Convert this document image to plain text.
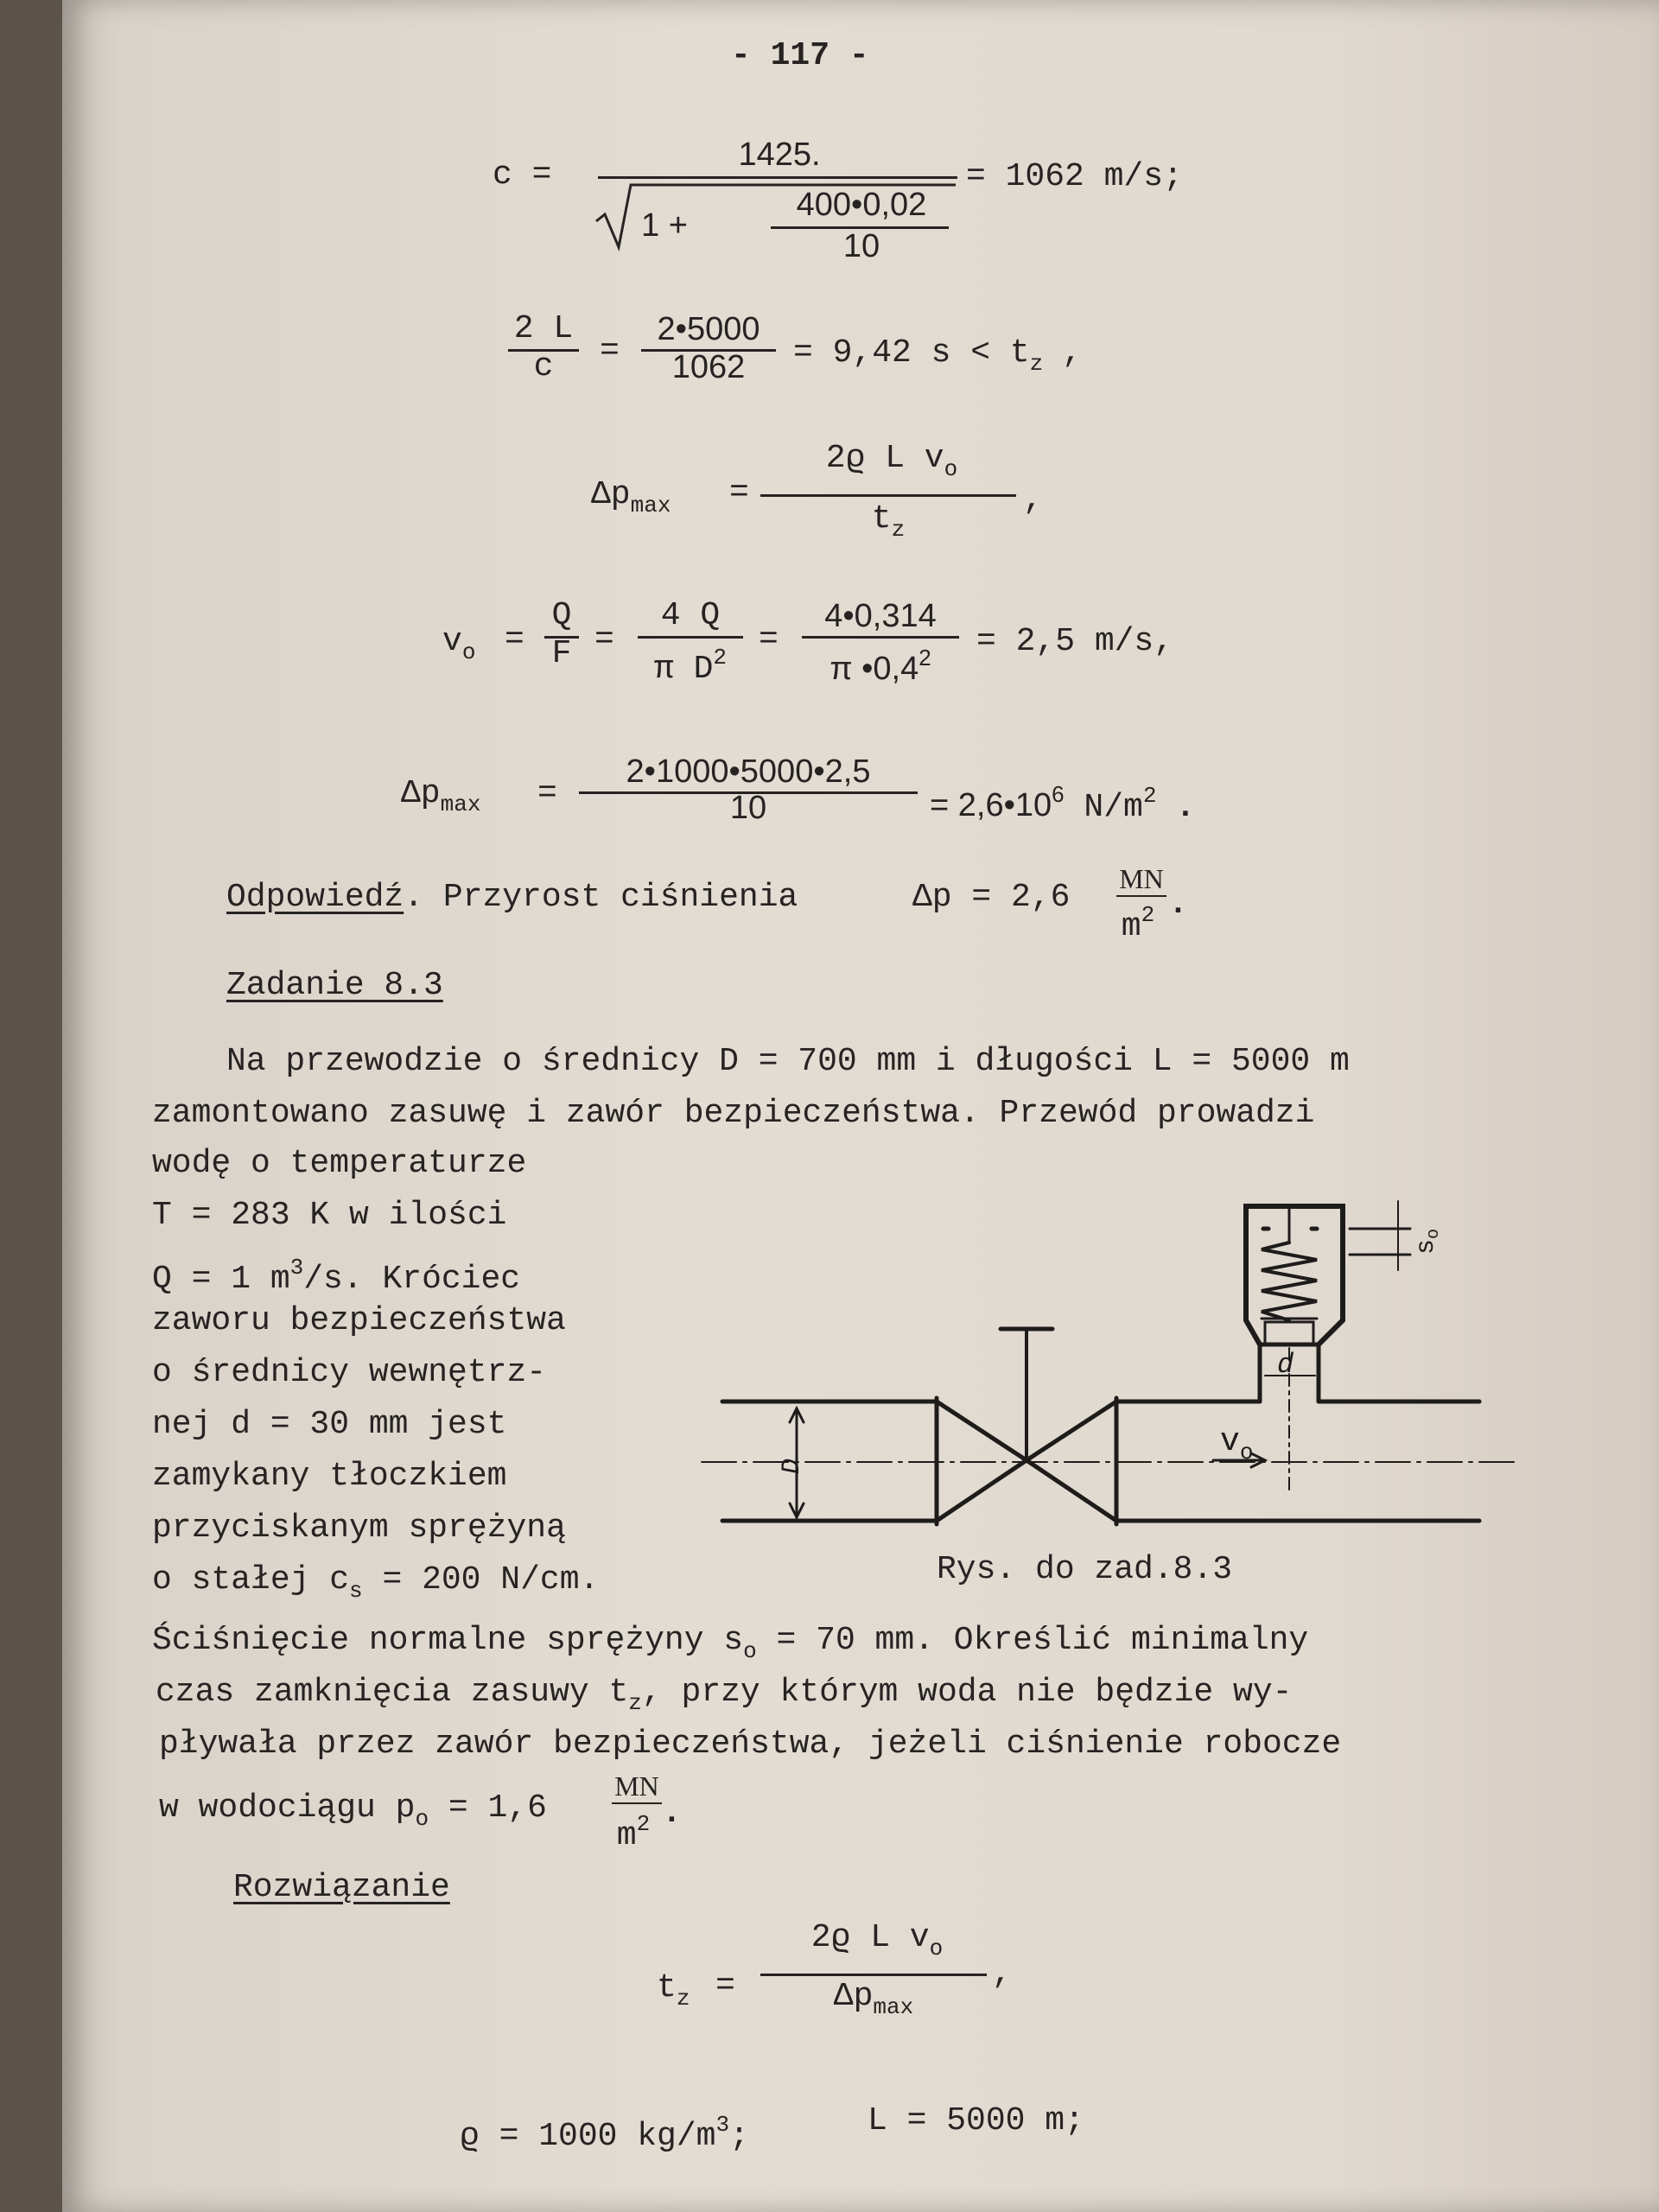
- 117 -
c =
1425.
1 +
400•0,02
10
= 1062 m/s;
2 L
c	=
2•5000
1062	= 9,42 $s < t_z$ ,
$\Delta p_{max}$ =
2ϱ L $v_o$
$t_z$
,
$v_o$ =
Q
F =
4 Q
π $D^2$ =
4•0,314
π $•0,4^2$	= 2,5 m/s,
$\Delta p_{max}$ =
2•1000•5000•2,5
10	= $2,6•10^6$ $N/m^2$ .
Odpowiedź. Przyrost ciśnienia	Δp = 2,6 MN
$m^2$ .
Zadanie 8.3
Na przewodzie o średnicy D = 700 mm i długości L = 5000 m
zamontowano zasuwę i zawór bezpieczeństwa. Przewód prowadzi
wodę o temperaturze
T = 283 K w ilości
Q = 1 $m^3/s$. Króciec
zaworu bezpieczeństwa
o średnicy wewnętrz-
nej d = 30 mm jest
zamykany tłoczkiem
przyciskanym sprężyną
o stałej $c_s = 200$ N/cm.
Ściśnięcie normalne sprężyny $s_o = 70$ mm. Określić minimalny
czas zamknięcia zasuwy $t_z$, przy którym woda nie będzie wy-
pływała przez zawór bezpieczeństwa, jeżeli ciśnienie robocze
w wodociągu $p_o = 1,6$
MN
$m^2$ .
d
D
$v_o$
$s_o$
Rys. do zad.8.3
Rozwiązanie
$t_z$ =
2ϱ L $v_o$
$\Delta p_{max}$
,
ϱ = 1000 $kg/m^3$;	L = 5000 m;
